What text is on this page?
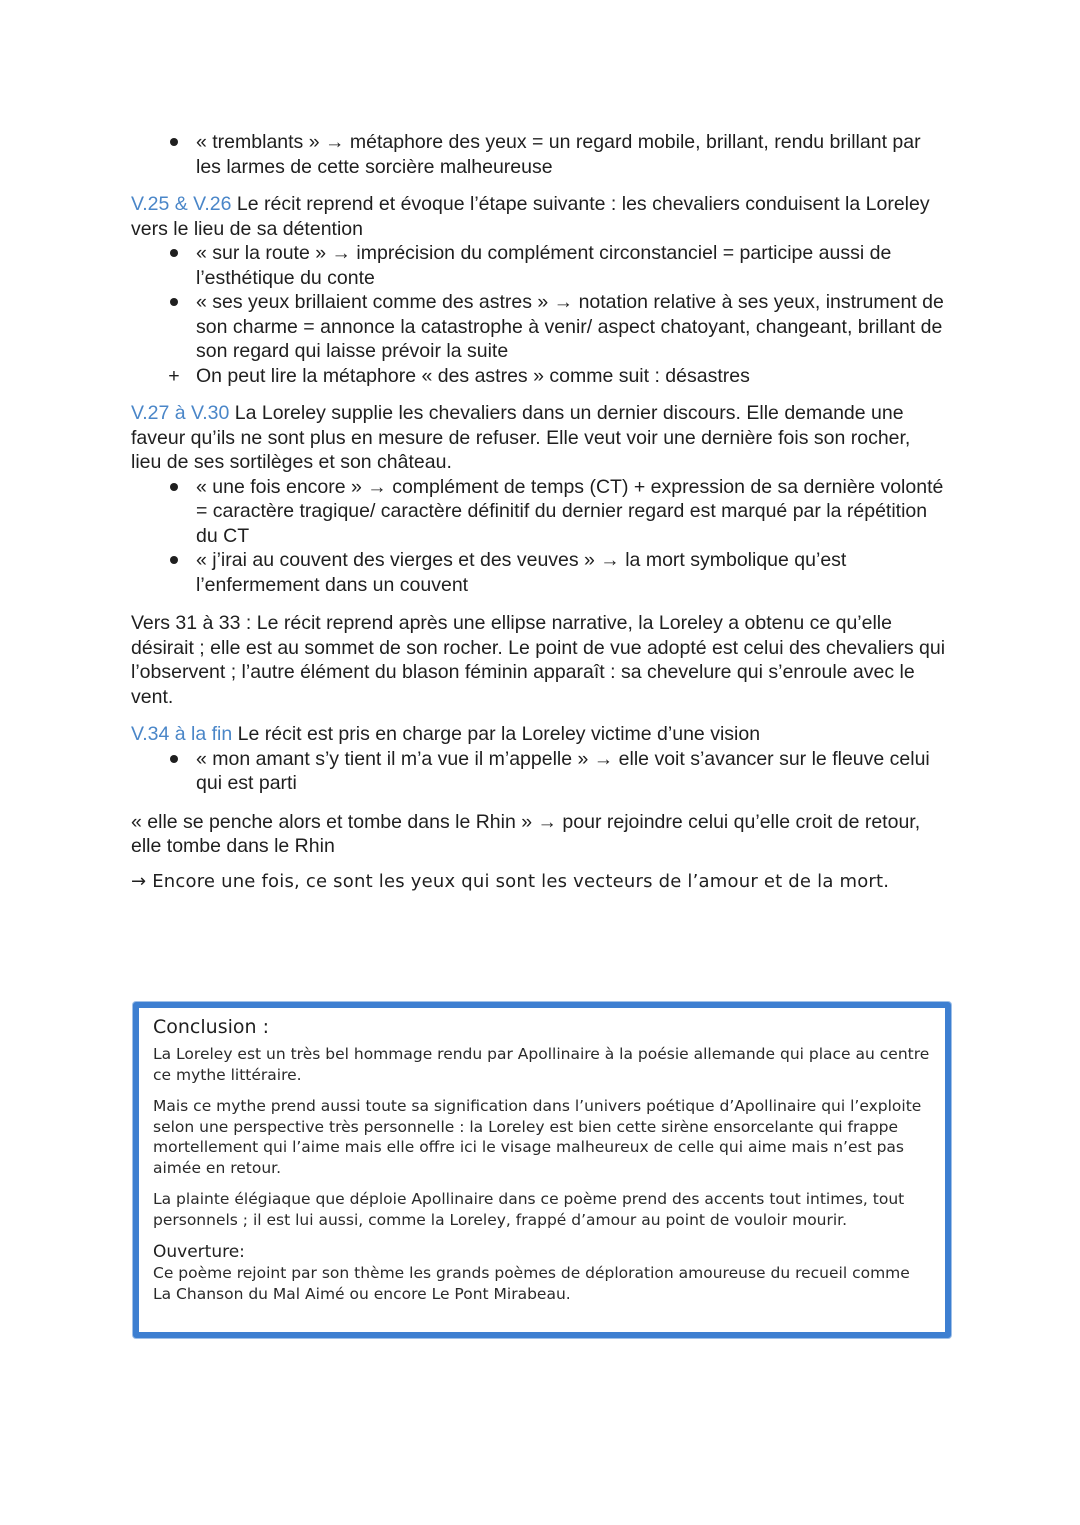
« tremblants » → métaphore des yeux = un regard mobile, brillant, rendu brillant par les larmes de cette sorcière malheureuse

V.25 & V.26 Le récit reprend et évoque l’étape suivante : les chevaliers conduisent la Loreley vers le lieu de sa détention

« sur la route » → imprécision du complément circonstanciel = participe aussi de l’esthétique du conte
« ses yeux brillaient comme des astres » → notation relative à ses yeux, instrument de son charme = annonce la catastrophe à venir/ aspect chatoyant, changeant, brillant de son regard qui laisse prévoir la suite
+ On peut lire la métaphore « des astres » comme suit : désastres

V.27 à V.30 La Loreley supplie les chevaliers dans un dernier discours. Elle demande une faveur qu’ils ne sont plus en mesure de refuser. Elle veut voir une dernière fois son rocher, lieu de ses sortilèges et son château.

« une fois encore » → complément de temps (CT) + expression de sa dernière volonté = caractère tragique/ caractère définitif du dernier regard est marqué par la répétition du CT
« j’irai au couvent des vierges et des veuves » → la mort symbolique qu’est l’enfermement dans un couvent

Vers 31 à 33 : Le récit reprend après une ellipse narrative, la Loreley a obtenu ce qu’elle désirait ; elle est au sommet de son rocher. Le point de vue adopté est celui des chevaliers qui l’observent ; l’autre élément du blason féminin apparaît : sa chevelure qui s’enroule avec le vent.

V.34 à la fin Le récit est pris en charge par la Loreley victime d’une vision

« mon amant s’y tient il m’a vue il m’appelle » → elle voit s’avancer sur le fleuve celui qui est parti

« elle se penche alors et tombe dans le Rhin » → pour rejoindre celui qu’elle croit de retour, elle tombe dans le Rhin

→ Encore une fois, ce sont les yeux qui sont les vecteurs de l’amour et de la mort.

Conclusion :

La Loreley est un très bel hommage rendu par Apollinaire à la poésie allemande qui place au centre ce mythe littéraire.

Mais ce mythe prend aussi toute sa signification dans l’univers poétique d’Apollinaire qui l’exploite selon une perspective très personnelle : la Loreley est bien cette sirène ensorcelante qui frappe mortellement qui l’aime mais elle offre ici le visage malheureux de celle qui aime mais n’est pas aimée en retour.

La plainte élégiaque que déploie Apollinaire dans ce poème prend des accents tout intimes, tout personnels ; il est lui aussi, comme la Loreley, frappé d’amour au point de vouloir mourir.

Ouverture:

Ce poème rejoint par son thème les grands poèmes de déploration amoureuse du recueil comme La Chanson du Mal Aimé ou encore Le Pont Mirabeau.
